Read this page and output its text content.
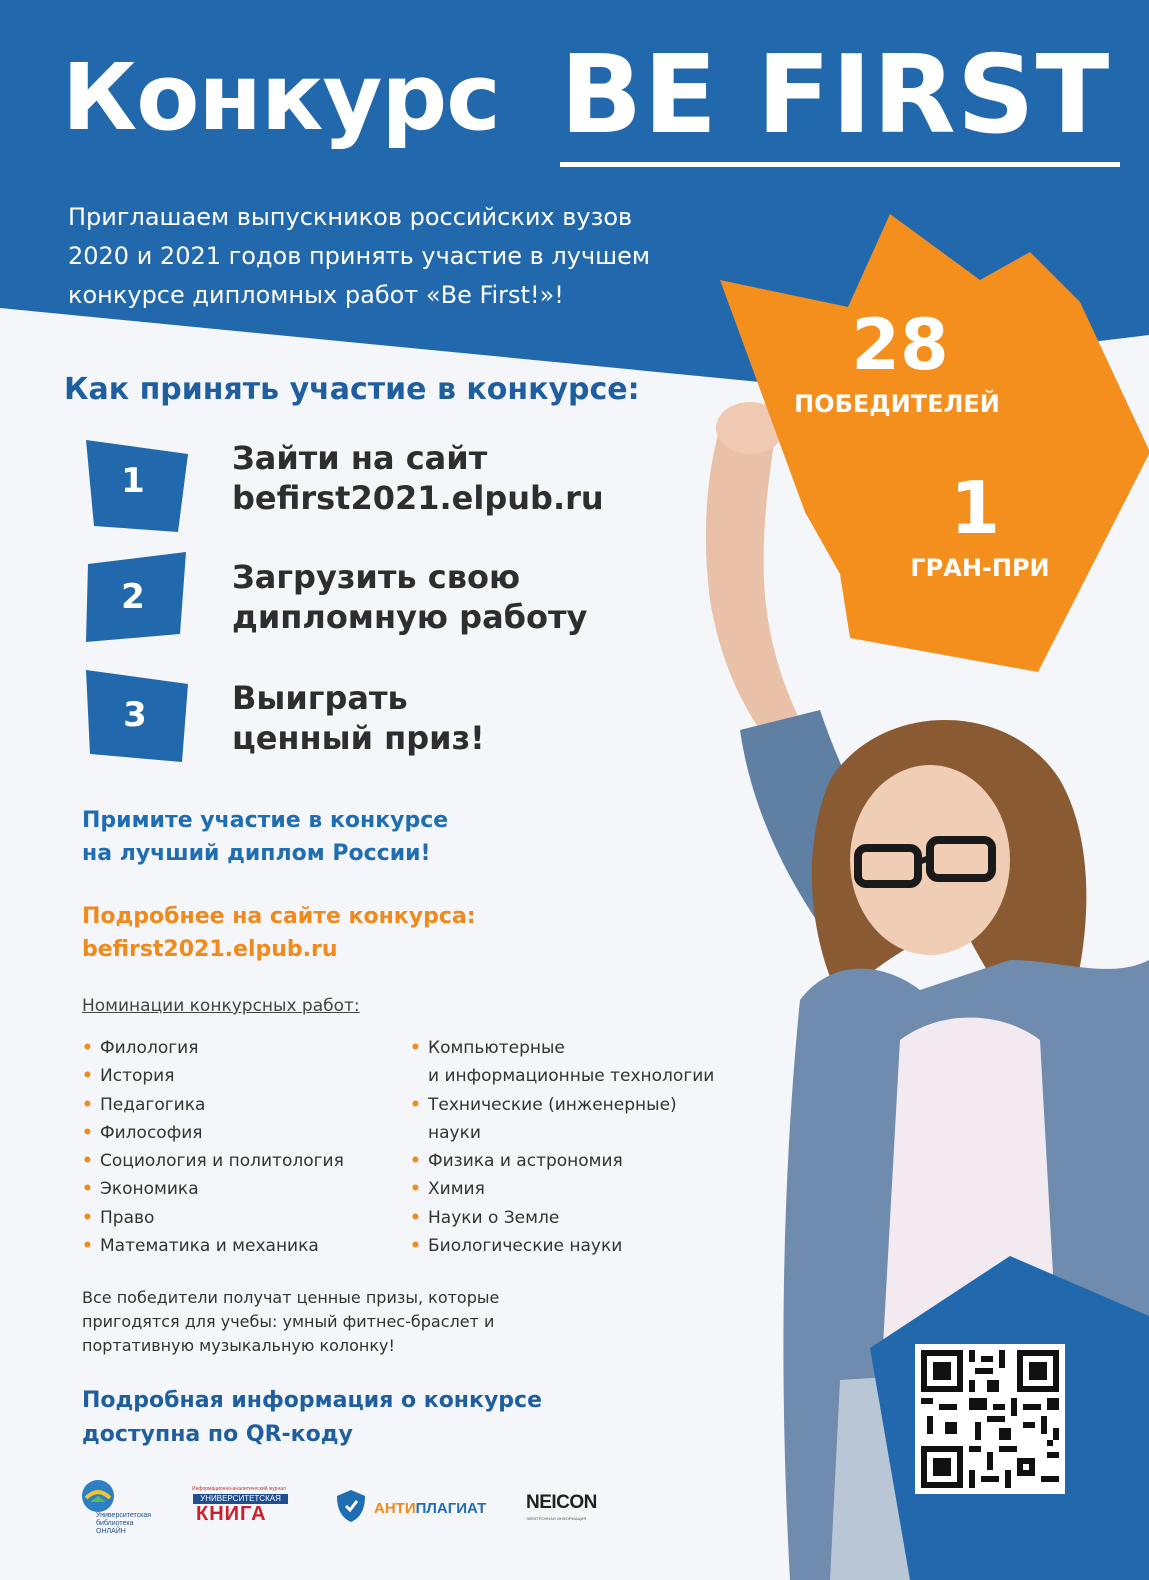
Конкурс BE FIRST
Приглашаем выпускников российских вузов
2020 и 2021 годов принять участие в лучшем
конкурсе дипломных работ «Be First!»!
28
ПОБЕДИТЕЛЕЙ
1
ГРАН-ПРИ
Как принять участие в конкурсе:
1
Зайти на сайт
befirst2021.elpub.ru
2	Загрузить свою
дипломную работу
3	Выиграть
ценный приз!
Примите участие в конкурсе
на лучший диплом России!
Подробнее на сайте конкурса:
befirst2021.elpub.ru
Номинации конкурсных работ:
• Филология
• История
• Педагогика
• Философия
• Социология и политология
• Экономика
• Право
• Математика и механика
• Компьютерные
и информационные технологии
• Технические (инженерные)
науки
• Физика и астрономия
• Химия
• Науки о Земле
• Биологические науки
Все победители получат ценные призы, которые
пригодятся для учебы: умный фитнес-браслет и
портативную музыкальную колонку!
Подробная информация о конкурсе
доступна по QR-коду
Университетская
библиотека
ОНЛАЙН
Информационно-аналитический журнал
УНИВЕРСИТЕТСКАЯ
КНИГА	АНТИПЛАГИАТ NEICON
ЭЛЕКТРОННАЯ ИНФОРМАЦИЯ
